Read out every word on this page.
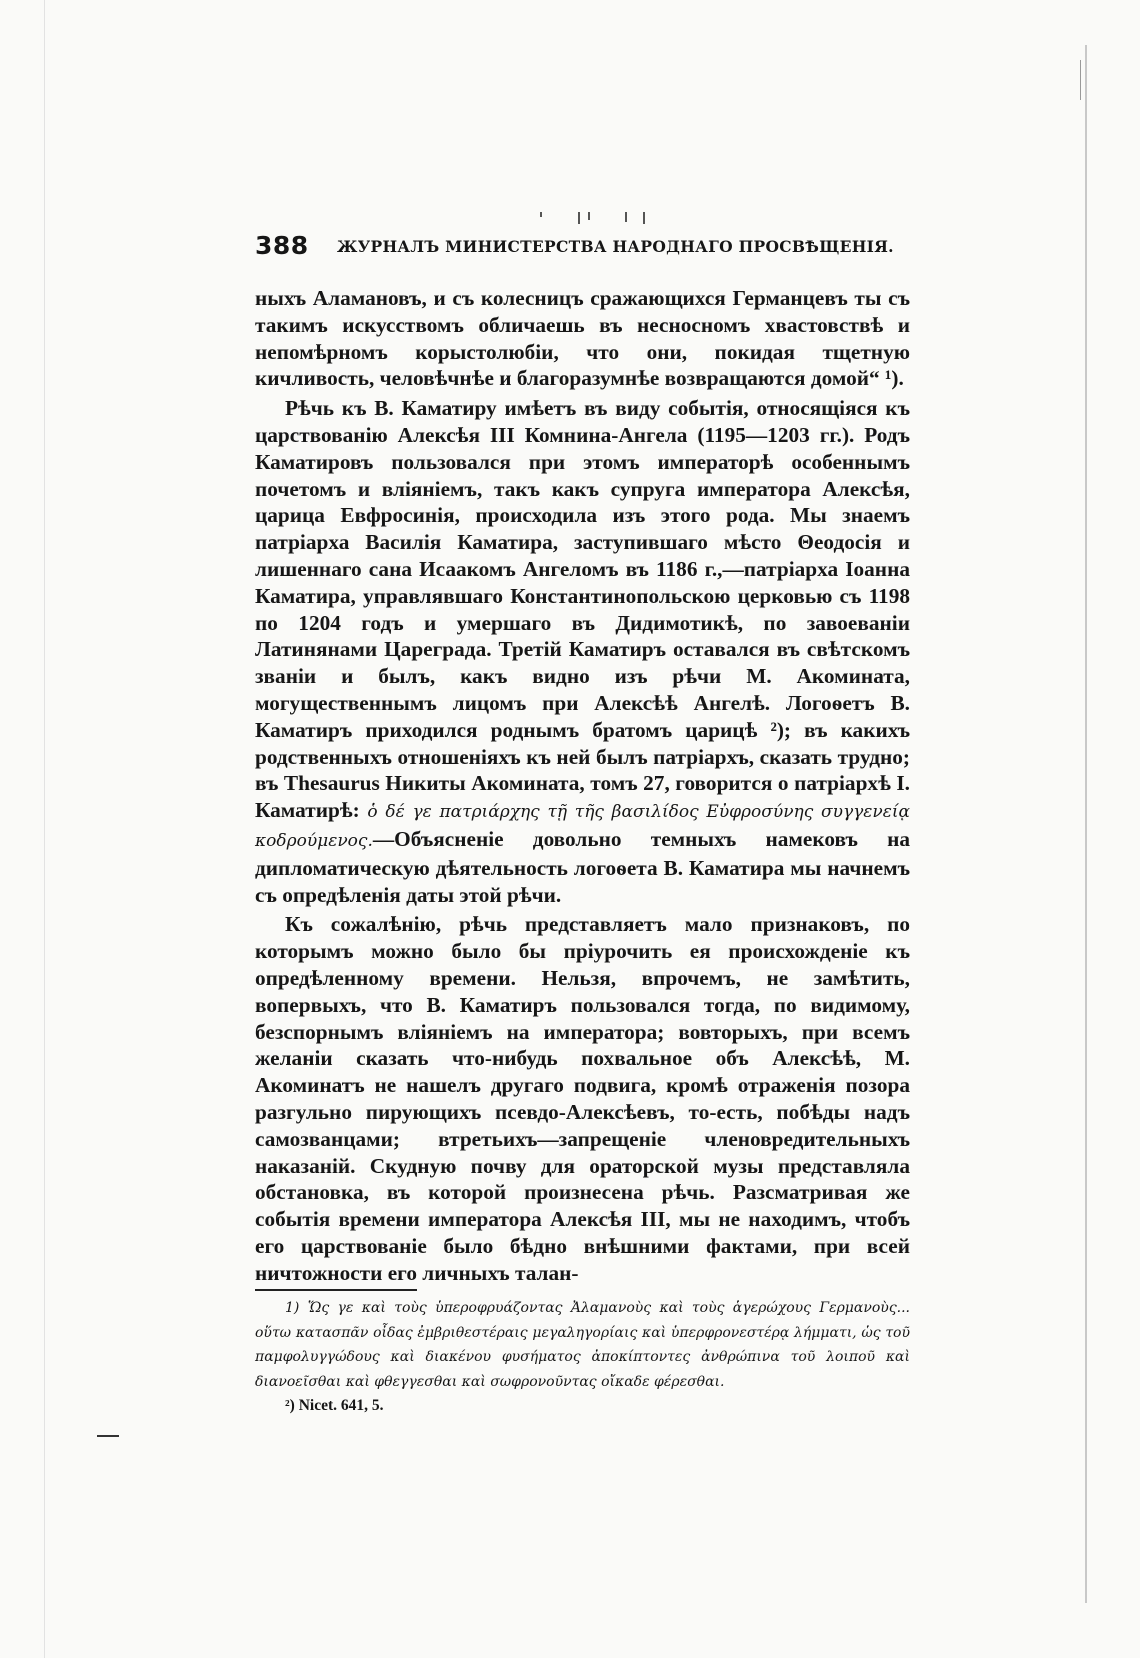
388 ЖУРНАЛЪ МИНИСТЕРСТВА НАРОДНАГО ПРОСВѢЩЕНІЯ.

ныхъ Аламановъ, и съ колесницъ сражающихся Германцевъ ты съ такимъ искусствомъ обличаешь въ несносномъ хвастовствѣ и непомѣрномъ корыстолюбіи, что они, покидая тщетную кичливость, человѣчнѣе и благоразумнѣе возвращаются домой“ ¹).

Рѣчь къ В. Каматиру имѣетъ въ виду событія, относящіяся къ царствованію Алексѣя III Комнина-Ангела (1195—1203 гг.). Родъ Каматировъ пользовался при этомъ императорѣ особеннымъ почетомъ и вліяніемъ, такъ какъ супруга императора Алексѣя, царица Евфросинія, происходила изъ этого рода. Мы знаемъ патріарха Василія Каматира, заступившаго мѣсто Θеодосія и лишеннаго сана Исаакомъ Ангеломъ въ 1186 г.,—патріарха Іоанна Каматира, управлявшаго Константинопольскою церковью съ 1198 по 1204 годъ и умершаго въ Дидимотикѣ, по завоеваніи Латинянами Цареграда. Третій Каматиръ оставался въ свѣтскомъ званіи и былъ, какъ видно изъ рѣчи М. Акомината, могущественнымъ лицомъ при Алексѣѣ Ангелѣ. Логоѳетъ В. Каматиръ приходился роднымъ братомъ царицѣ ²); въ какихъ родственныхъ отношеніяхъ къ ней былъ патріархъ, сказать трудно; въ Thesaurus Никиты Акомината, томъ 27, говорится о патріархѣ І. Каматирѣ: ὁ δέ γε πατριάρχης τῇ τῆς βασιλίδος Εὐφροσύνης συγγενείᾳ κοδρούμενος.—Объясненіе довольно темныхъ намековъ на дипломатическую дѣятельность логоѳета В. Каматира мы начнемъ съ опредѣленія даты этой рѣчи.

Къ сожалѣнію, рѣчь представляетъ мало признаковъ, по которымъ можно было бы пріурочить ея происхожденіе къ опредѣленному времени. Нельзя, впрочемъ, не замѣтить, вопервыхъ, что В. Каматиръ пользовался тогда, по видимому, безспорнымъ вліяніемъ на императора; вовторыхъ, при всемъ желаніи сказать что-нибудь похвальное объ Алексѣѣ, М. Акоминатъ не нашелъ другаго подвига, кромѣ отраженія позора разгульно пирующихъ псевдо-Алексѣевъ, то-есть, побѣды надъ самозванцами; втретьихъ—запрещеніе членовредительныхъ наказаній. Скудную почву для ораторской музы представляла обстановка, въ которой произнесена рѣчь. Разсматривая же событія времени императора Алексѣя III, мы не находимъ, чтобъ его царствованіе было бѣдно внѣшними фактами, при всей ничтожности его личныхъ талан-

1) Ὥς γε καὶ τοὺς ὑπεροφρυάζοντας Ἀλαμανοὺς καὶ τοὺς ἁγερώχους Γερμανοὺς... οὕτω κατασπᾶν οἶδας ἐμβριθεστέραις μεγαληγορίαις καὶ ὑπερφρονεστέρᾳ λήμματι, ὡς τοῦ παμφολυγγώδους καὶ διακένου φυσήματος ἀποκίπτοντες ἀνθρώπινα τοῦ λοιποῦ καὶ διανοεῖσθαι καὶ φθεγγεσθαι καὶ σωφρονοῦντας οἴκαδε φέρεσθαι.

²) Nicet. 641, 5.
